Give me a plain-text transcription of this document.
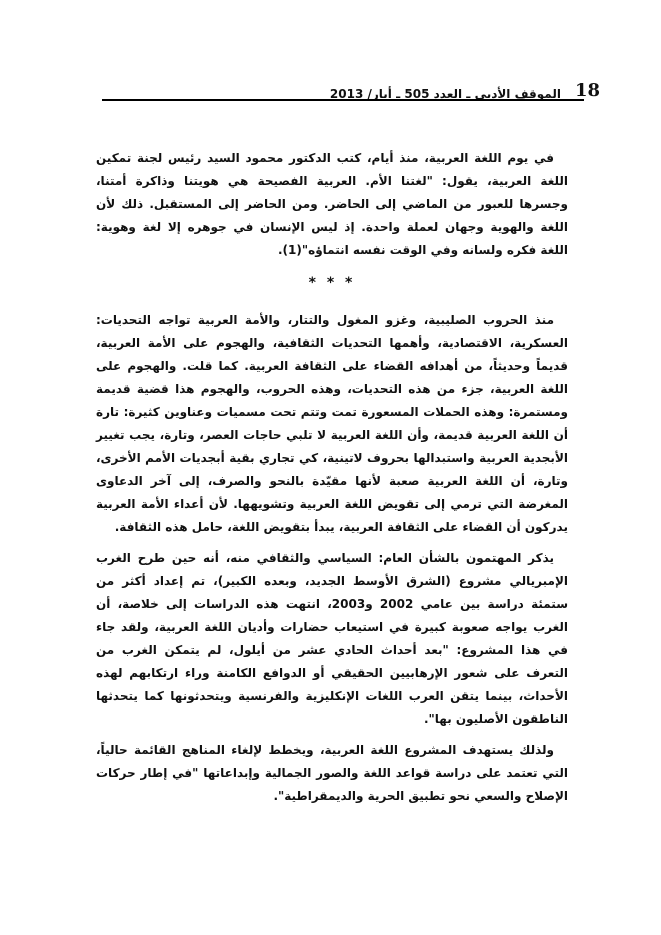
الموقف الأدبي ـ العدد 505 ـ أيار/ 2013 18

في يوم اللغة العربية، منذ أيام، كتب الدكتور محمود السيد رئيس لجنة تمكين اللغة العربية، يقول: "لغتنا الأم. العربية الفصيحة هي هويتنا وذاكرة أمتنا، وجسرها للعبور من الماضي إلى الحاضر. ومن الحاضر إلى المستقبل. ذلك لأن اللغة والهوية وجهان لعملة واحدة. إذ ليس الإنسان في جوهره إلا لغة وهوية: اللغة فكره ولسانه وفي الوقت نفسه انتماؤه"(1).

* * *

منذ الحروب الصليبية، وغزو المغول والتتار، والأمة العربية تواجه التحديات: العسكرية، الاقتصادية، وأهمها التحديات الثقافية، والهجوم على الأمة العربية، قديماً وحديثاً، من أهدافه القضاء على الثقافة العربية. كما قلت. والهجوم على اللغة العربية، جزء من هذه التحديات، وهذه الحروب، والهجوم هذا قضية قديمة ومستمرة: وهذه الحملات المسعورة تمت وتتم تحت مسميات وعناوين كثيرة: تارة أن اللغة العربية قديمة، وأن اللغة العربية لا تلبي حاجات العصر، وتارة، يجب تغيير الأبجدية العربية واستبدالها بحروف لاتينية، كي تجاري بقية أبجديات الأمم الأخرى، وتارة، أن اللغة العربية صعبة لأنها مقيّدة بالنحو والصرف، إلى آخر الدعاوى المغرضة التي ترمي إلى تقويض اللغة العربية وتشويهها. لأن أعداء الأمة العربية يدركون أن القضاء على الثقافة العربية، يبدأ بتقويض اللغة، حامل هذه الثقافة.

يذكر المهتمون بالشأن العام: السياسي والثقافي منه، أنه حين طرح الغرب الإمبريالي مشروع (الشرق الأوسط الجديد، وبعده الكبير)، تم إعداد أكثر من ستمئة دراسة بين عامي 2002 و2003، انتهت هذه الدراسات إلى خلاصة، أن الغرب يواجه صعوبة كبيرة في استيعاب حضارات وأديان اللغة العربية، ولقد جاء في هذا المشروع: "بعد أحداث الحادي عشر من أيلول، لم يتمكن الغرب من التعرف على شعور الإرهابيين الحقيقي أو الدوافع الكامنة وراء ارتكابهم لهذه الأحداث، بينما يتقن العرب اللغات الإنكليزية والفرنسية ويتحدثونها كما يتحدثها الناطقون الأصليون بها".

ولذلك يستهدف المشروع اللغة العربية، ويخطط لإلغاء المناهج القائمة حالياً، التي تعتمد على دراسة قواعد اللغة والصور الجمالية وإبداعاتها "في إطار حركات الإصلاح والسعي نحو تطبيق الحرية والديمقراطية".
